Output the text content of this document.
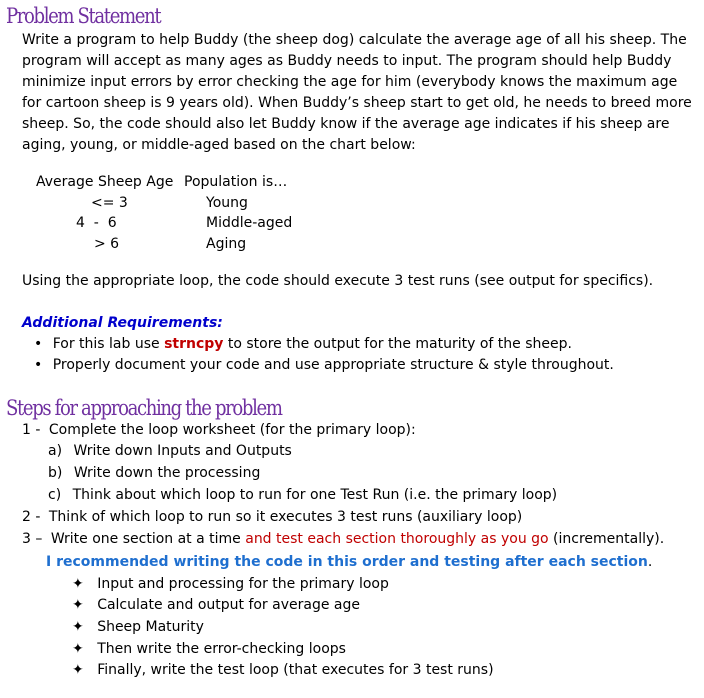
Problem Statement
Write a program to help Buddy (the sheep dog) calculate the average age of all his sheep. The program will accept as many ages as Buddy needs to input. The program should help Buddy minimize input errors by error checking the age for him (everybody knows the maximum age for cartoon sheep is 9 years old). When Buddy’s sheep start to get old, he needs to breed more sheep. So, the code should also let Buddy know if the average age indicates if his sheep are aging, young, or middle-aged based on the chart below:
Average Sheep Age	Population is…
<= 3	Young
4  -  6	Middle-aged
> 6	Aging
Using the appropriate loop, the code should execute 3 test runs (see output for specifics).
Additional Requirements:
• For this lab use strncpy to store the output for the maturity of the sheep.
• Properly document your code and use appropriate structure & style throughout.
Steps for approaching the problem
1 - Complete the loop worksheet (for the primary loop):
a) Write down Inputs and Outputs
b) Write down the processing
c) Think about which loop to run for one Test Run (i.e. the primary loop)
2 - Think of which loop to run so it executes 3 test runs (auxiliary loop)
3 – Write one section at a time and test each section thoroughly as you go (incrementally).
I recommended writing the code in this order and testing after each section.
✦ Input and processing for the primary loop
✦ Calculate and output for average age
✦ Sheep Maturity
✦ Then write the error-checking loops
✦ Finally, write the test loop (that executes for 3 test runs)
